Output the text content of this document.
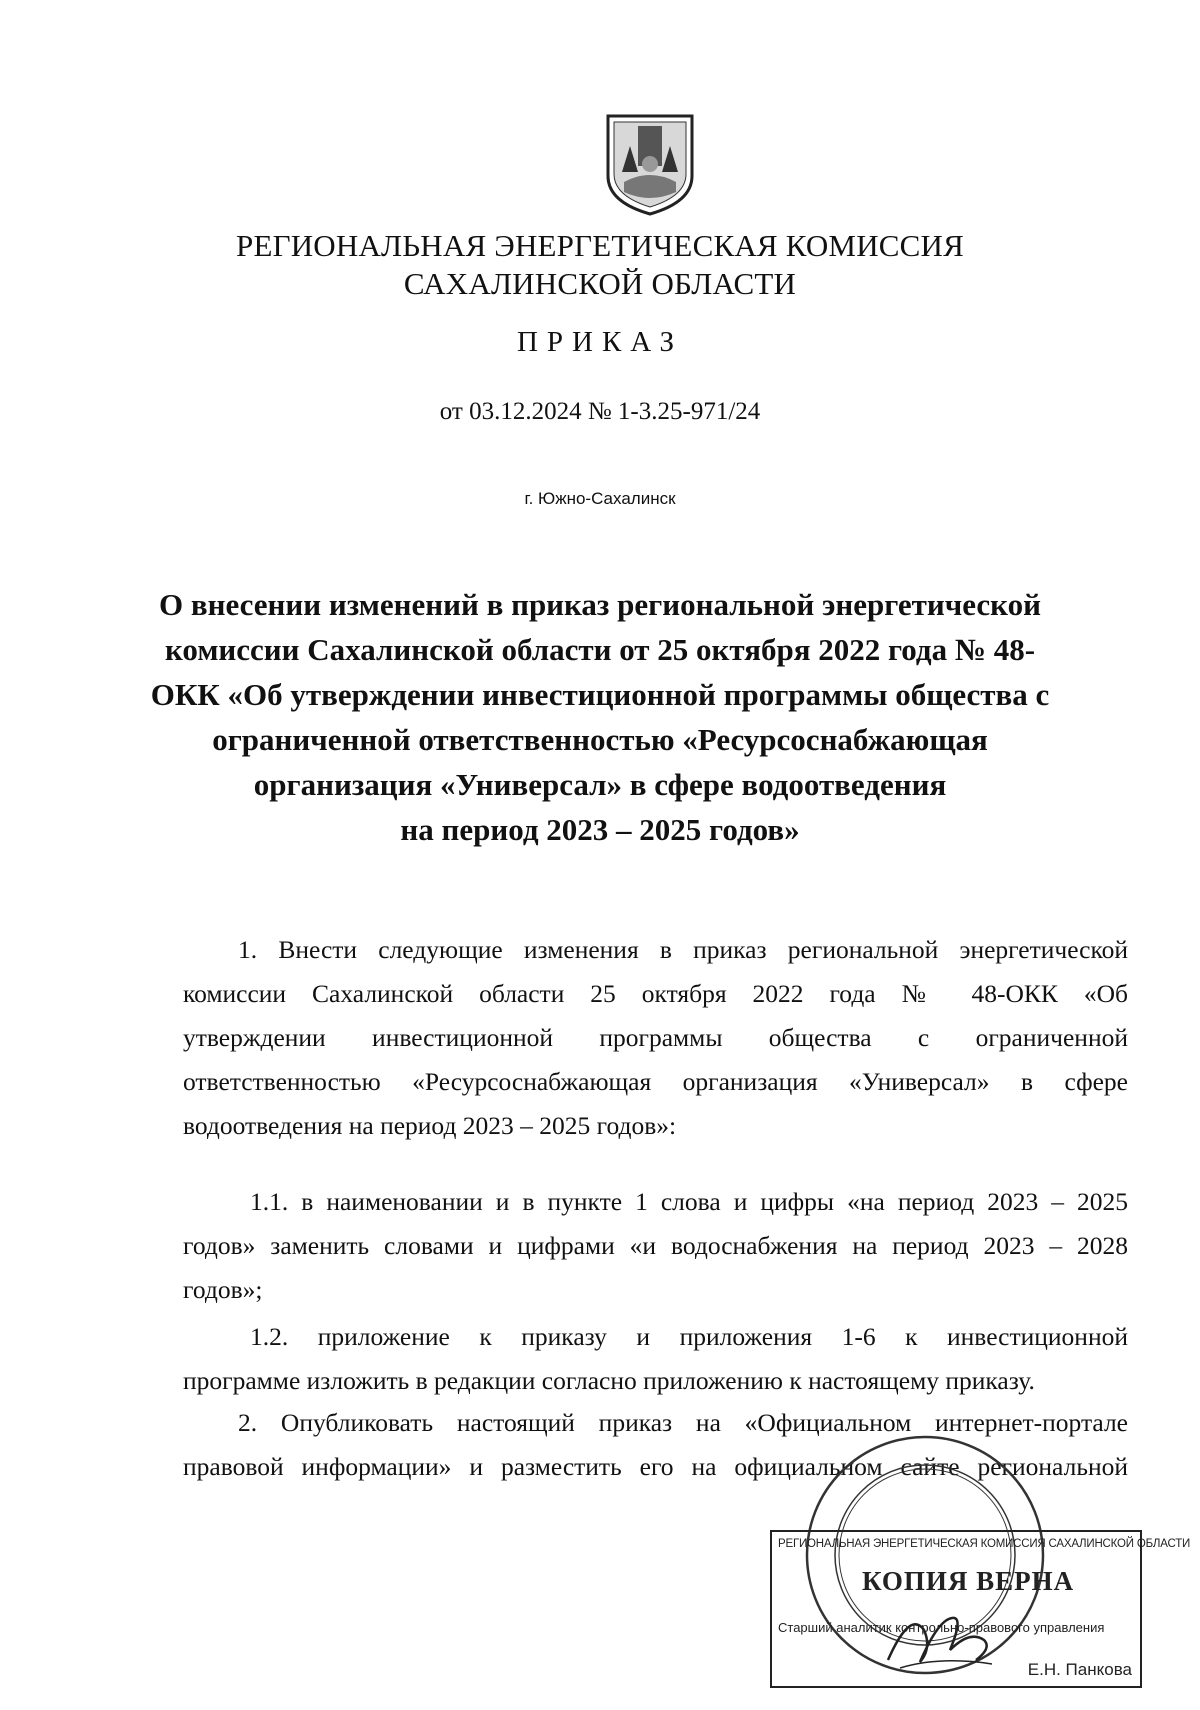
РЕГИОНАЛЬНАЯ ЭНЕРГЕТИЧЕСКАЯ КОМИССИЯ
САХАЛИНСКОЙ ОБЛАСТИ
ПРИКАЗ
от 03.12.2024 № 1-3.25-971/24
г. Южно-Сахалинск
О внесении изменений в приказ региональной энергетической
комиссии Сахалинской области от 25 октября 2022 года № 48-
ОКК «Об утверждении инвестиционной программы общества с
ограниченной ответственностью «Ресурсоснабжающая
организация «Универсал» в сфере водоотведения
на период 2023 – 2025 годов»
1. Внести следующие изменения в приказ региональной энергетической
комиссии Сахалинской области 25 октября 2022 года № 48-ОКК «Об
утверждении инвестиционной программы общества с ограниченной
ответственностью «Ресурсоснабжающая организация «Универсал» в сфере
водоотведения на период 2023 – 2025 годов»:
1.1. в наименовании и в пункте 1 слова и цифры «на период 2023 – 2025
годов» заменить словами и цифрами «и водоснабжения на период 2023 – 2028
годов»;
1.2. приложение к приказу и приложения 1-6 к инвестиционной
программе изложить в редакции согласно приложению к настоящему приказу.
2. Опубликовать настоящий приказ на «Официальном интернет-портале
правовой информации» и разместить его на официальном сайте региональной
РЕГИОНАЛЬНАЯ ЭНЕРГЕТИЧЕСКАЯ КОМИССИЯ САХАЛИНСКОЙ ОБЛАСТИ
КОПИЯ ВЕРНА
Старший аналитик контрольно-правового управления
Е.Н. Панкова
